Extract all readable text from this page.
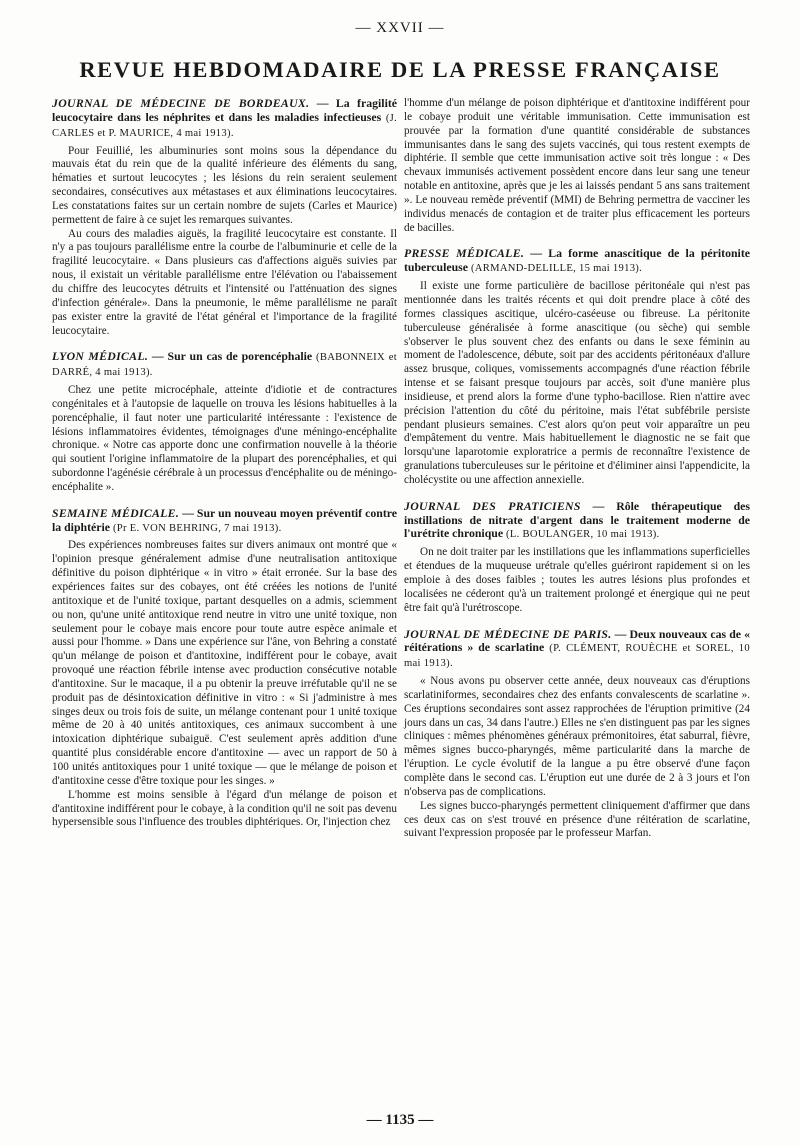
— XXVII —
REVUE HEBDOMADAIRE DE LA PRESSE FRANÇAISE

JOURNAL DE MÉDECINE DE BORDEAUX. — La fragilité leucocytaire dans les néphrites et dans les maladies infectieuses (J. CARLES et P. MAURICE, 4 mai 1913).

Pour Feuillié, les albuminuries sont moins sous la dépendance du mauvais état du rein que de la qualité inférieure des éléments du sang, hématies et surtout leucocytes ; les lésions du rein seraient seulement secondaires, consécutives aux métastases et aux éliminations leucocytaires. Les constatations faites sur un certain nombre de sujets (Carles et Maurice) permettent de faire à ce sujet les remarques suivantes.

Au cours des maladies aiguës, la fragilité leucocytaire est constante. Il n'y a pas toujours parallélisme entre la courbe de l'albuminurie et celle de la fragilité leucocytaire. « Dans plusieurs cas d'affections aiguës suivies par nous, il existait un véritable parallélisme entre l'élévation ou l'abaissement du chiffre des leucocytes détruits et l'intensité ou l'atténuation des signes d'infection générale». Dans la pneumonie, le même parallélisme ne paraît pas exister entre la gravité de l'état général et l'importance de la fragilité leucocytaire.

LYON MÉDICAL. — Sur un cas de porencéphalie (BABONNEIX et DARRÉ, 4 mai 1913).

Chez une petite microcéphale, atteinte d'idiotie et de contractures congénitales et à l'autopsie de laquelle on trouva les lésions habituelles à la porencéphalie, il faut noter une particularité intéressante : l'existence de lésions inflammatoires évidentes, témoignages d'une méningo-encéphalite chronique. « Notre cas apporte donc une confirmation nouvelle à la théorie qui soutient l'origine inflammatoire de la plupart des porencéphalies, et qui subordonne l'agénésie cérébrale à un processus d'encéphalite ou de méningo-encéphalite ».

SEMAINE MÉDICALE. — Sur un nouveau moyen préventif contre la diphtérie (Pr E. VON BEHRING, 7 mai 1913).

Des expériences nombreuses faites sur divers animaux ont montré que « l'opinion presque généralement admise d'une neutralisation antitoxique définitive du poison diphtérique « in vitro » était erronée. Sur la base des expériences faites sur des cobayes, ont été créées les notions de l'unité antitoxique et de l'unité toxique, partant desquelles on a admis, sciemment ou non, qu'une unité antitoxique rend neutre in vitro une unité toxique, non seulement pour le cobaye mais encore pour toute autre espèce animale et aussi pour l'homme. » Dans une expérience sur l'âne, von Behring a constaté qu'un mélange de poison et d'antitoxine, indifférent pour le cobaye, avait provoqué une réaction fébrile intense avec production consécutive notable d'antitoxine. Sur le macaque, il a pu obtenir la preuve irréfutable qu'il ne se produit pas de désintoxication définitive in vitro : « Si j'administre à mes singes deux ou trois fois de suite, un mélange contenant pour 1 unité toxique même de 20 à 40 unités antitoxiques, ces animaux succombent à une intoxication diphtérique subaiguë. C'est seulement après addition d'une quantité plus considérable encore d'antitoxine — avec un rapport de 50 à 100 unités antitoxiques pour 1 unité toxique — que le mélange de poison et d'antitoxine cesse d'être toxique pour les singes. »

L'homme est moins sensible à l'égard d'un mélange de poison et d'antitoxine indifférent pour le cobaye, à la condition qu'il ne soit pas devenu hypersensible sous l'influence des troubles diphtériques. Or, l'injection chez

l'homme d'un mélange de poison diphtérique et d'antitoxine indifférent pour le cobaye produit une véritable immunisation. Cette immunisation est prouvée par la formation d'une quantité considérable de substances immunisantes dans le sang des sujets vaccinés, qui tous restent exempts de diphtérie. Il semble que cette immunisation active soit très longue : « Des chevaux immunisés activement possèdent encore dans leur sang une teneur notable en antitoxine, après que je les ai laissés pendant 5 ans sans traitement ». Le nouveau remède préventif (MMI) de Behring permettra de vacciner les individus menacés de contagion et de traiter plus efficacement les porteurs de bacilles.

PRESSE MÉDICALE. — La forme anascitique de la péritonite tuberculeuse (ARMAND-DELILLE, 15 mai 1913).

Il existe une forme particulière de bacillose péritonéale qui n'est pas mentionnée dans les traités récents et qui doit prendre place à côté des formes classiques ascitique, ulcéro-caséeuse ou fibreuse. La péritonite tuberculeuse généralisée à forme anascitique (ou sèche) qui semble s'observer le plus souvent chez des enfants ou dans le sexe féminin au moment de l'adolescence, débute, soit par des accidents péritonéaux d'allure assez brusque, coliques, vomissements accompagnés d'une réaction fébrile intense et se faisant presque toujours par accès, soit d'une manière plus insidieuse, et prend alors la forme d'une typho-bacillose. Rien n'attire avec précision l'attention du côté du péritoine, mais l'état subfébrile persiste pendant plusieurs semaines. C'est alors qu'on peut voir apparaître un peu d'empâtement du ventre. Mais habituellement le diagnostic ne se fait que lorsqu'une laparotomie exploratrice a permis de reconnaître l'existence de granulations tuberculeuses sur le péritoine et d'éliminer ainsi l'appendicite, la cholécystite ou une affection annexielle.

JOURNAL DES PRATICIENS — Rôle thérapeutique des instillations de nitrate d'argent dans le traitement moderne de l'urétrite chronique (L. BOULANGER, 10 mai 1913).

On ne doit traiter par les instillations que les inflammations superficielles et étendues de la muqueuse urétrale qu'elles guériront rapidement si on les emploie à des doses faibles ; toutes les autres lésions plus profondes et localisées ne céderont qu'à un traitement prolongé et énergique qui ne peut être fait qu'à l'urétroscope.

JOURNAL DE MÉDECINE DE PARIS. — Deux nouveaux cas de « réitérations » de scarlatine (P. CLÉMENT, ROUÈCHE et SOREL, 10 mai 1913).

« Nous avons pu observer cette année, deux nouveaux cas d'éruptions scarlatiniformes, secondaires chez des enfants convalescents de scarlatine ». Ces éruptions secondaires sont assez rapprochées de l'éruption primitive (24 jours dans un cas, 34 dans l'autre.) Elles ne s'en distinguent pas par les signes cliniques : mêmes phénomènes généraux prémonitoires, état saburral, fièvre, mêmes signes bucco-pharyngés, même particularité dans la marche de l'éruption. Le cycle évolutif de la langue a pu être observé d'une façon complète dans le second cas. L'éruption eut une durée de 2 à 3 jours et l'on n'observa pas de complications.

Les signes bucco-pharyngés permettent cliniquement d'affirmer que dans ces deux cas on s'est trouvé en présence d'une réitération de scarlatine, suivant l'expression proposée par le professeur Marfan.

— 1135 —
